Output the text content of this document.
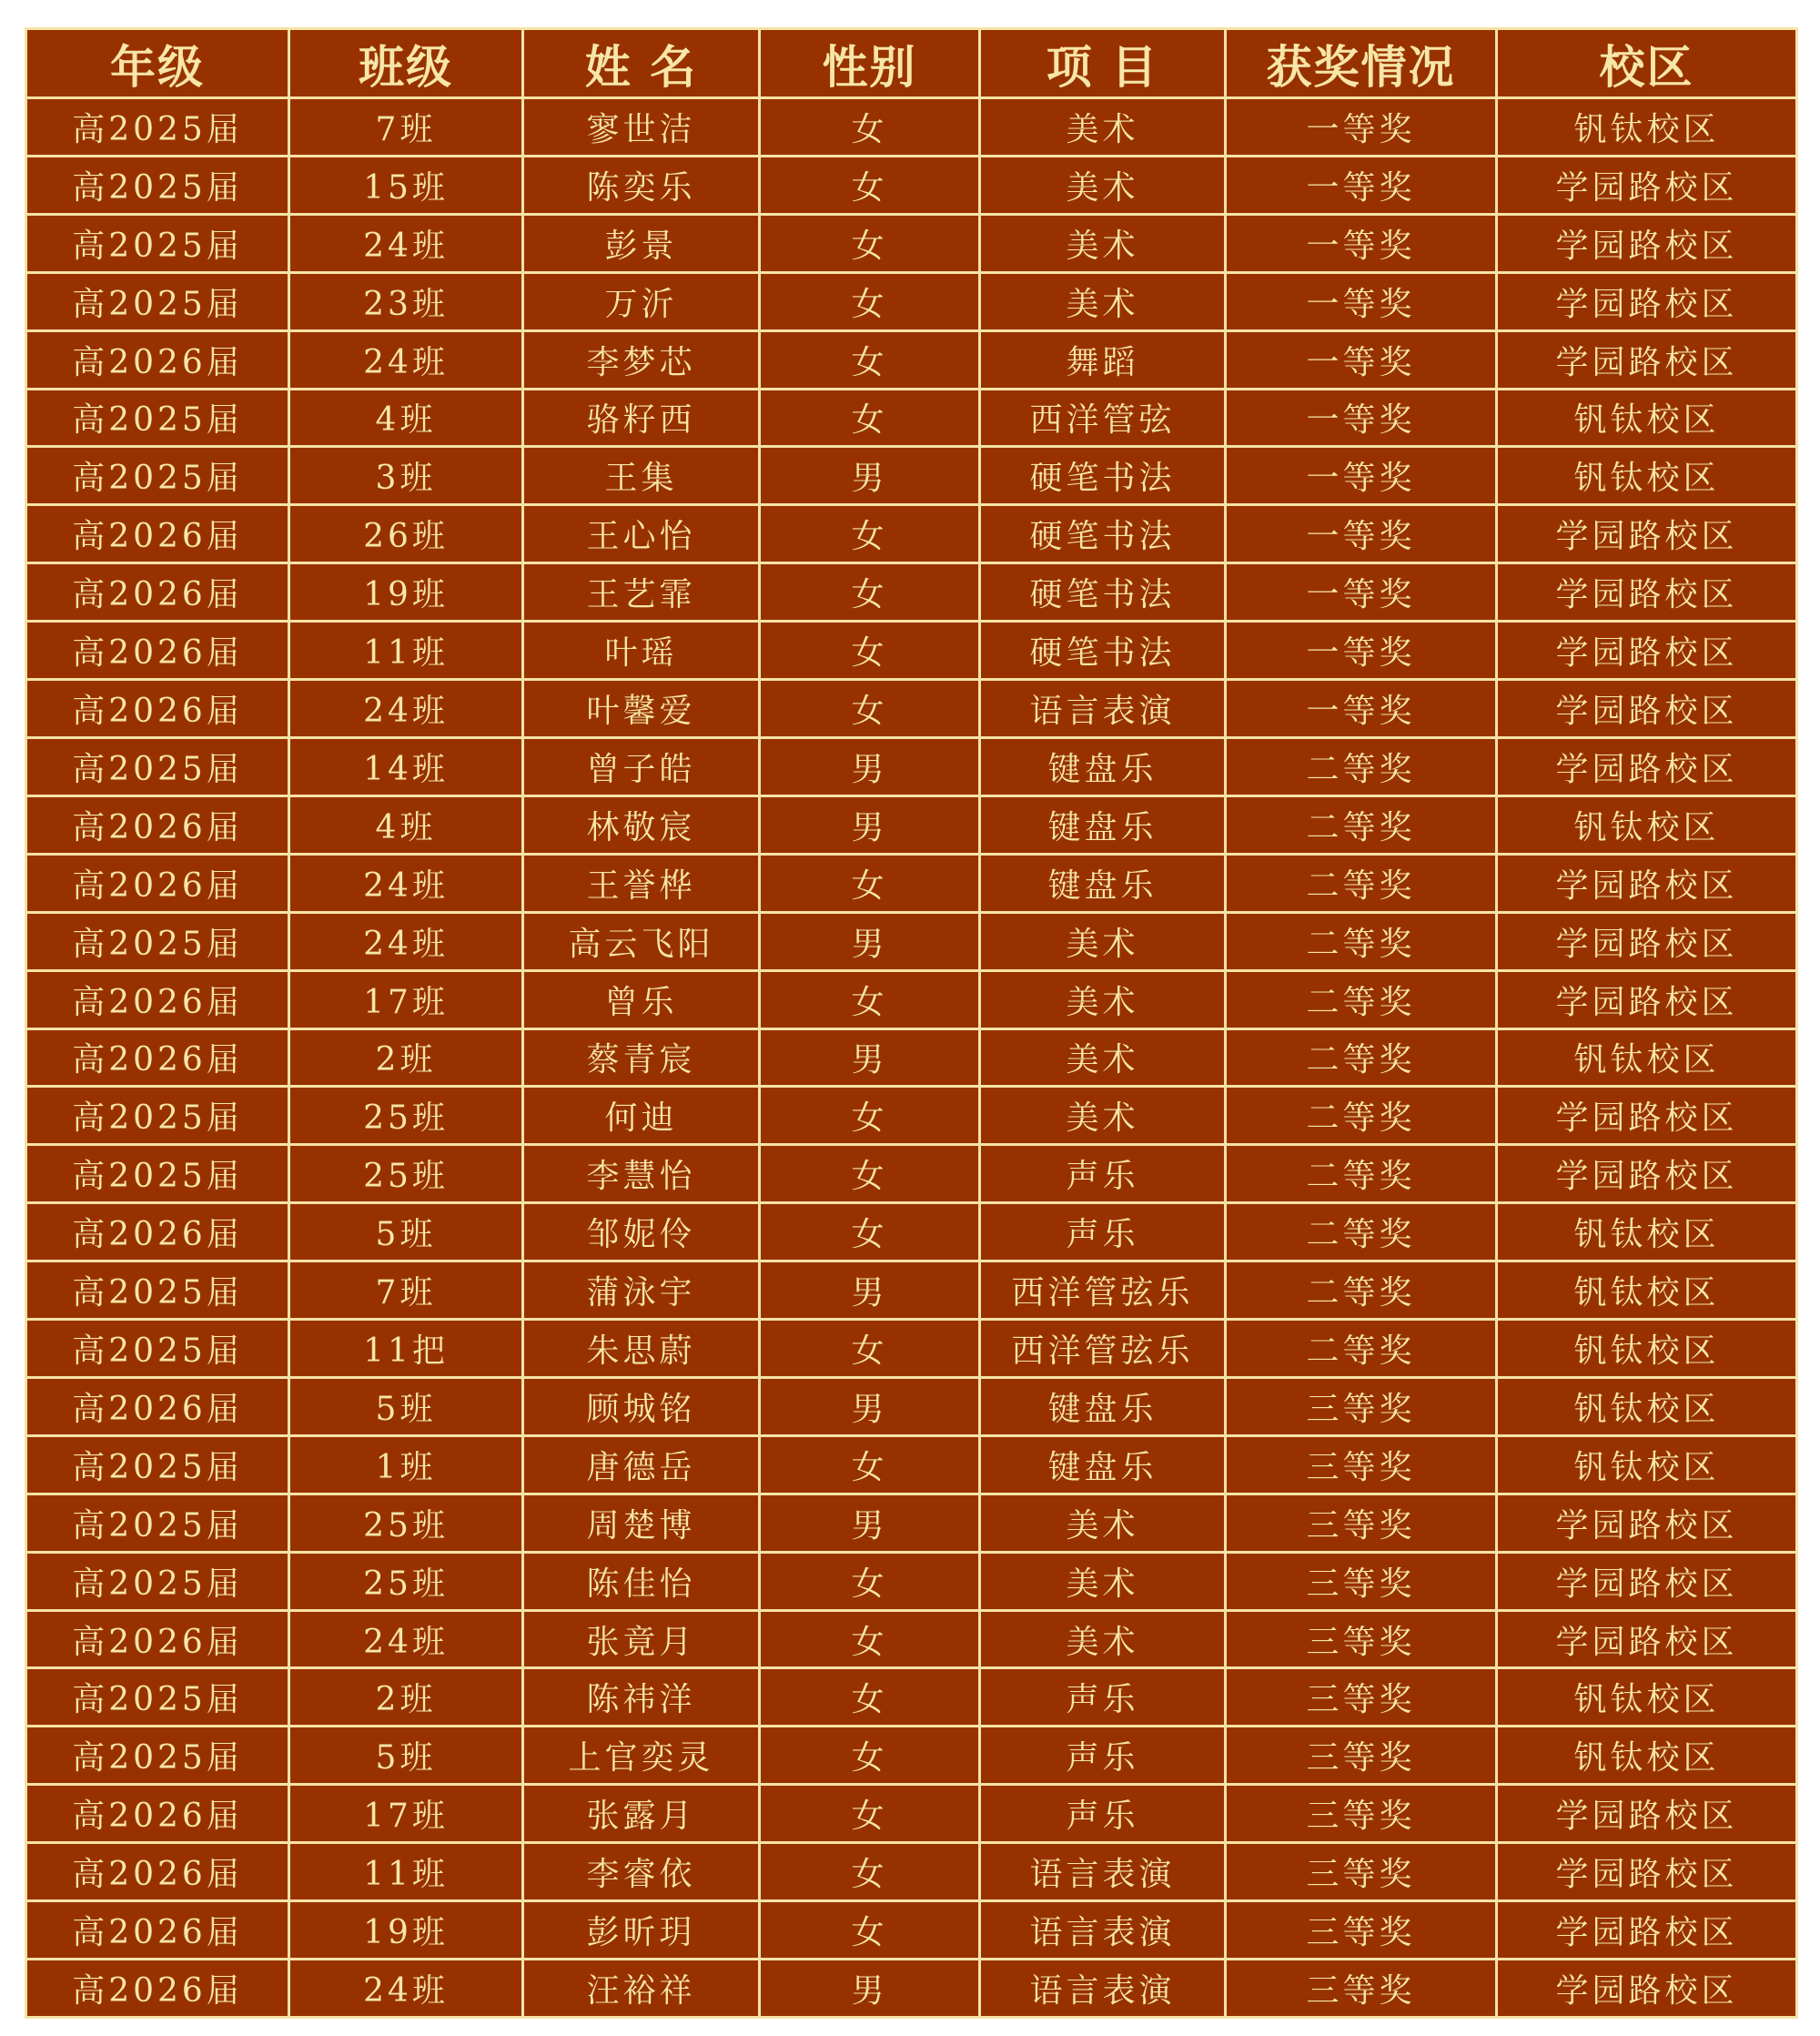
年级	班级	姓 名	性别	项 目	获奖情况	校区
高2025届	7班	寥世洁	女	美术	一等奖	钒钛校区
高2025届	15班	陈奕乐	女	美术	一等奖	学园路校区
高2025届	24班	彭景	女	美术	一等奖	学园路校区
高2025届	23班	万沂	女	美术	一等奖	学园路校区
高2026届	24班	李梦芯	女	舞蹈	一等奖	学园路校区
高2025届	4班	骆籽西	女	西洋管弦	一等奖	钒钛校区
高2025届	3班	王集	男	硬笔书法	一等奖	钒钛校区
高2026届	26班	王心怡	女	硬笔书法	一等奖	学园路校区
高2026届	19班	王艺霏	女	硬笔书法	一等奖	学园路校区
高2026届	11班	叶瑶	女	硬笔书法	一等奖	学园路校区
高2026届	24班	叶馨爱	女	语言表演	一等奖	学园路校区
高2025届	14班	曾子皓	男	键盘乐	二等奖	学园路校区
高2026届	4班	林敬宸	男	键盘乐	二等奖	钒钛校区
高2026届	24班	王誉桦	女	键盘乐	二等奖	学园路校区
高2025届	24班	高云飞阳	男	美术	二等奖	学园路校区
高2026届	17班	曾乐	女	美术	二等奖	学园路校区
高2026届	2班	蔡青宸	男	美术	二等奖	钒钛校区
高2025届	25班	何迪	女	美术	二等奖	学园路校区
高2025届	25班	李慧怡	女	声乐	二等奖	学园路校区
高2026届	5班	邹妮伶	女	声乐	二等奖	钒钛校区
高2025届	7班	蒲泳宇	男	西洋管弦乐	二等奖	钒钛校区
高2025届	11把	朱思蔚	女	西洋管弦乐	二等奖	钒钛校区
高2026届	5班	顾城铭	男	键盘乐	三等奖	钒钛校区
高2025届	1班	唐德岳	女	键盘乐	三等奖	钒钛校区
高2025届	25班	周楚博	男	美术	三等奖	学园路校区
高2025届	25班	陈佳怡	女	美术	三等奖	学园路校区
高2026届	24班	张竟月	女	美术	三等奖	学园路校区
高2025届	2班	陈祎洋	女	声乐	三等奖	钒钛校区
高2025届	5班	上官奕灵	女	声乐	三等奖	钒钛校区
高2026届	17班	张露月	女	声乐	三等奖	学园路校区
高2026届	11班	李睿依	女	语言表演	三等奖	学园路校区
高2026届	19班	彭昕玥	女	语言表演	三等奖	学园路校区
高2026届	24班	汪裕祥	男	语言表演	三等奖	学园路校区
